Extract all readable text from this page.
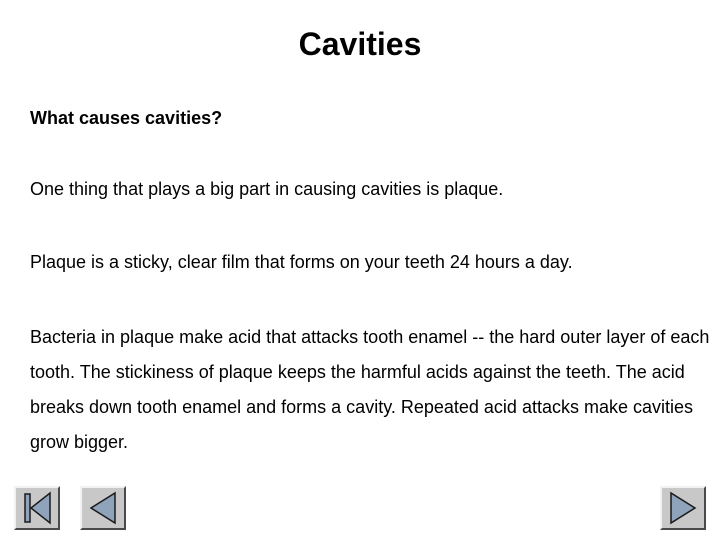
Cavities
What causes cavities?
One thing that plays a big part in causing cavities is plaque.
Plaque is a sticky, clear film that forms on your teeth 24 hours a day.
Bacteria in plaque make acid that attacks tooth enamel -- the hard outer layer of each tooth. The stickiness of plaque keeps the harmful acids against the teeth. The acid breaks down tooth enamel and forms a cavity. Repeated acid attacks make cavities grow bigger.
